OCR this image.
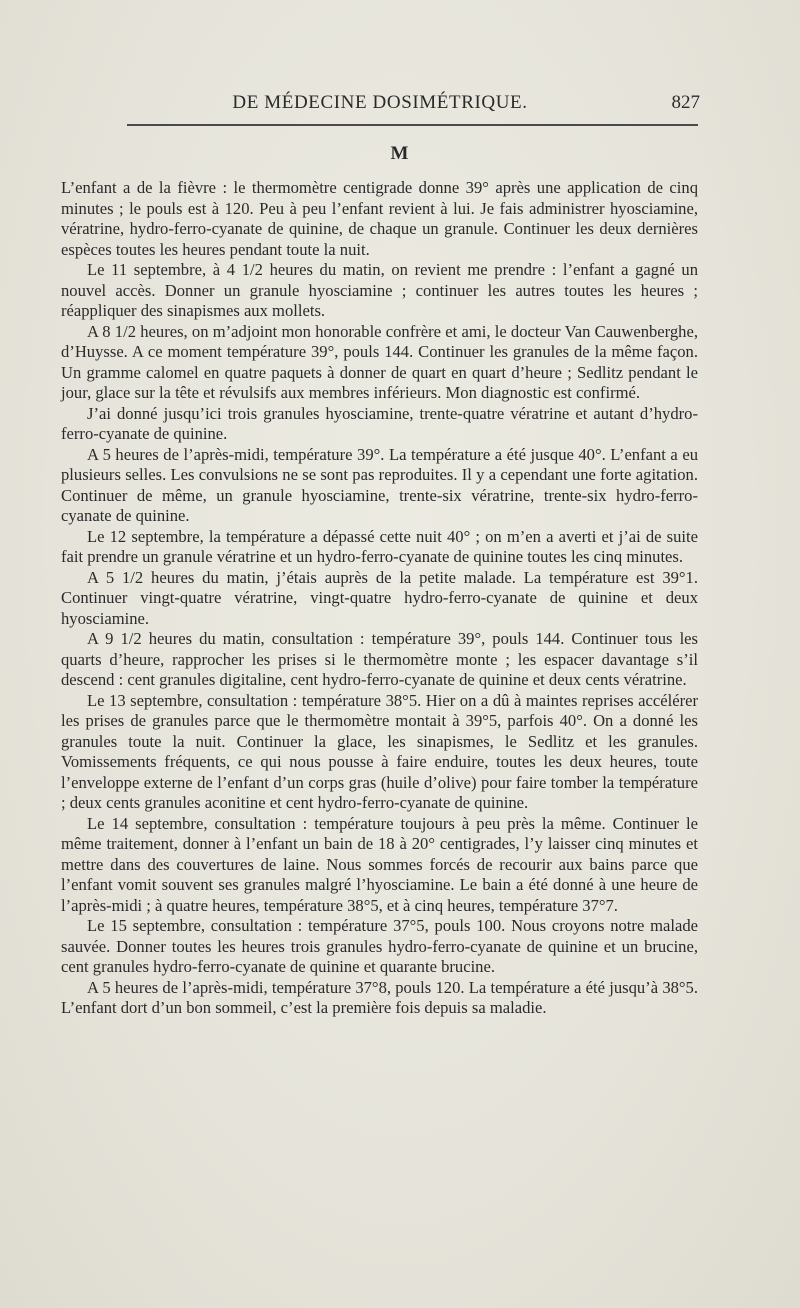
DE MÉDECINE DOSIMÉTRIQUE.	827
M

L’enfant a de la fièvre : le thermomètre centigrade donne 39° après une application de cinq minutes ; le pouls est à 120. Peu à peu l’enfant revient à lui. Je fais administrer hyosciamine, vératrine, hydro-ferro-cyanate de quinine, de chaque un granule. Continuer les deux dernières espèces toutes les heures pendant toute la nuit.

Le 11 septembre, à 4 1/2 heures du matin, on revient me prendre : l’enfant a gagné un nouvel accès. Donner un granule hyosciamine ; continuer les autres toutes les heures ; réappliquer des sinapismes aux mollets.

A 8 1/2 heures, on m’adjoint mon honorable confrère et ami, le docteur Van Cauwenberghe, d’Huysse. A ce moment température 39°, pouls 144. Continuer les granules de la même façon. Un gramme calomel en quatre paquets à donner de quart en quart d’heure ; Sedlitz pendant le jour, glace sur la tête et révulsifs aux membres inférieurs. Mon diagnostic est confirmé.

J’ai donné jusqu’ici trois granules hyosciamine, trente-quatre vératrine et autant d’hydro-ferro-cyanate de quinine.

A 5 heures de l’après-midi, température 39°. La température a été jusque 40°. L’enfant a eu plusieurs selles. Les convulsions ne se sont pas reproduites. Il y a cependant une forte agitation. Continuer de même, un granule hyosciamine, trente-six vératrine, trente-six hydro-ferro-cyanate de quinine.

Le 12 septembre, la température a dépassé cette nuit 40° ; on m’en a averti et j’ai de suite fait prendre un granule vératrine et un hydro-ferro-cyanate de quinine toutes les cinq minutes.

A 5 1/2 heures du matin, j’étais auprès de la petite malade. La température est 39°1. Continuer vingt-quatre vératrine, vingt-quatre hydro-ferro-cyanate de quinine et deux hyosciamine.

A 9 1/2 heures du matin, consultation : température 39°, pouls 144. Continuer tous les quarts d’heure, rapprocher les prises si le thermomètre monte ; les espacer davantage s’il descend : cent granules digitaline, cent hydro-ferro-cyanate de quinine et deux cents vératrine.

Le 13 septembre, consultation : température 38°5. Hier on a dû à maintes reprises accélérer les prises de granules parce que le thermomètre montait à 39°5, parfois 40°. On a donné les granules toute la nuit. Continuer la glace, les sinapismes, le Sedlitz et les granules. Vomissements fréquents, ce qui nous pousse à faire enduire, toutes les deux heures, toute l’enveloppe externe de l’enfant d’un corps gras (huile d’olive) pour faire tomber la température ; deux cents granules aconitine et cent hydro-ferro-cyanate de quinine.

Le 14 septembre, consultation : température toujours à peu près la même. Continuer le même traitement, donner à l’enfant un bain de 18 à 20° centigrades, l’y laisser cinq minutes et mettre dans des couvertures de laine. Nous sommes forcés de recourir aux bains parce que l’enfant vomit souvent ses granules malgré l’hyosciamine. Le bain a été donné à une heure de l’après-midi ; à quatre heures, température 38°5, et à cinq heures, température 37°7.

Le 15 septembre, consultation : température 37°5, pouls 100. Nous croyons notre malade sauvée. Donner toutes les heures trois granules hydro-ferro-cyanate de quinine et un brucine, cent granules hydro-ferro-cyanate de quinine et quarante brucine.

A 5 heures de l’après-midi, température 37°8, pouls 120. La température a été jusqu’à 38°5. L’enfant dort d’un bon sommeil, c’est la première fois depuis sa maladie.
